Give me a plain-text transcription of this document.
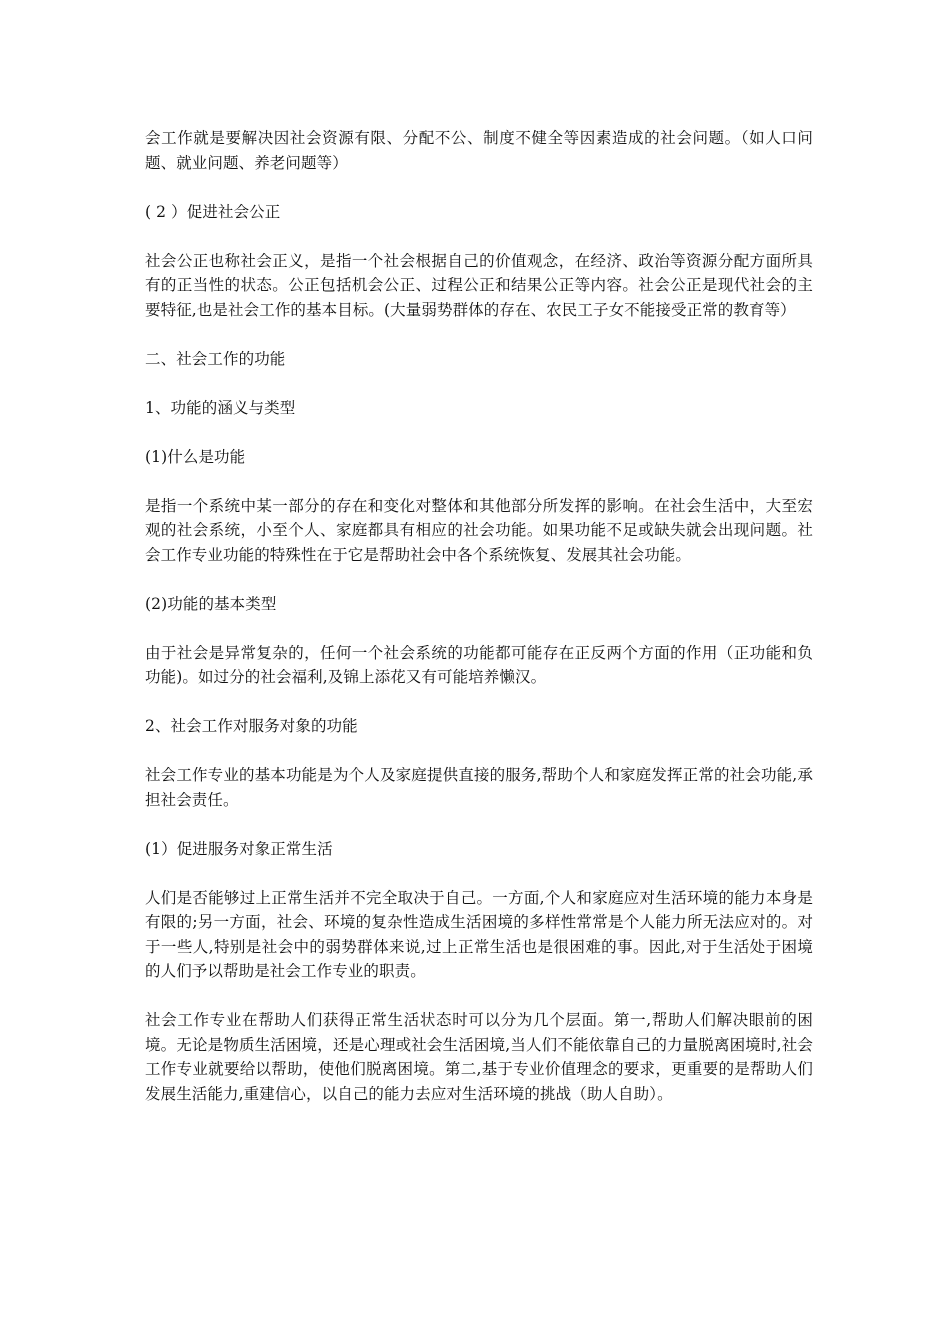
会工作就是要解决因社会资源有限、分配不公、制度不健全等因素造成的社会问题。（如人口问题、就业问题、养老问题等）

( 2 ）促进社会公正

社会公正也称社会正义，是指一个社会根据自己的价值观念，在经济、政治等资源分配方面所具有的正当性的状态。公正包括机会公正、过程公正和结果公正等内容。社会公正是现代社会的主要特征,也是社会工作的基本目标。(大量弱势群体的存在、农民工子女不能接受正常的教育等）

二、社会工作的功能

1、功能的涵义与类型

(1)什么是功能

是指一个系统中某一部分的存在和变化对整体和其他部分所发挥的影响。在社会生活中，大至宏观的社会系统，小至个人、家庭都具有相应的社会功能。如果功能不足或缺失就会出现问题。社会工作专业功能的特殊性在于它是帮助社会中各个系统恢复、发展其社会功能。

(2)功能的基本类型

由于社会是异常复杂的，任何一个社会系统的功能都可能存在正反两个方面的作用（正功能和负功能)。如过分的社会福利,及锦上添花又有可能培养懒汉。

2、社会工作对服务对象的功能

社会工作专业的基本功能是为个人及家庭提供直接的服务,帮助个人和家庭发挥正常的社会功能,承担社会责任。

(1）促进服务对象正常生活

人们是否能够过上正常生活并不完全取决于自己。一方面,个人和家庭应对生活环境的能力本身是有限的;另一方面，社会、环境的复杂性造成生活困境的多样性常常是个人能力所无法应对的。对于一些人,特别是社会中的弱势群体来说,过上正常生活也是很困难的事。因此,对于生活处于困境的人们予以帮助是社会工作专业的职责。

社会工作专业在帮助人们获得正常生活状态时可以分为几个层面。第一,帮助人们解决眼前的困境。无论是物质生活困境，还是心理或社会生活困境,当人们不能依靠自己的力量脱离困境时,社会工作专业就要给以帮助，使他们脱离困境。第二,基于专业价值理念的要求，更重要的是帮助人们发展生活能力,重建信心，以自己的能力去应对生活环境的挑战（助人自助）。
